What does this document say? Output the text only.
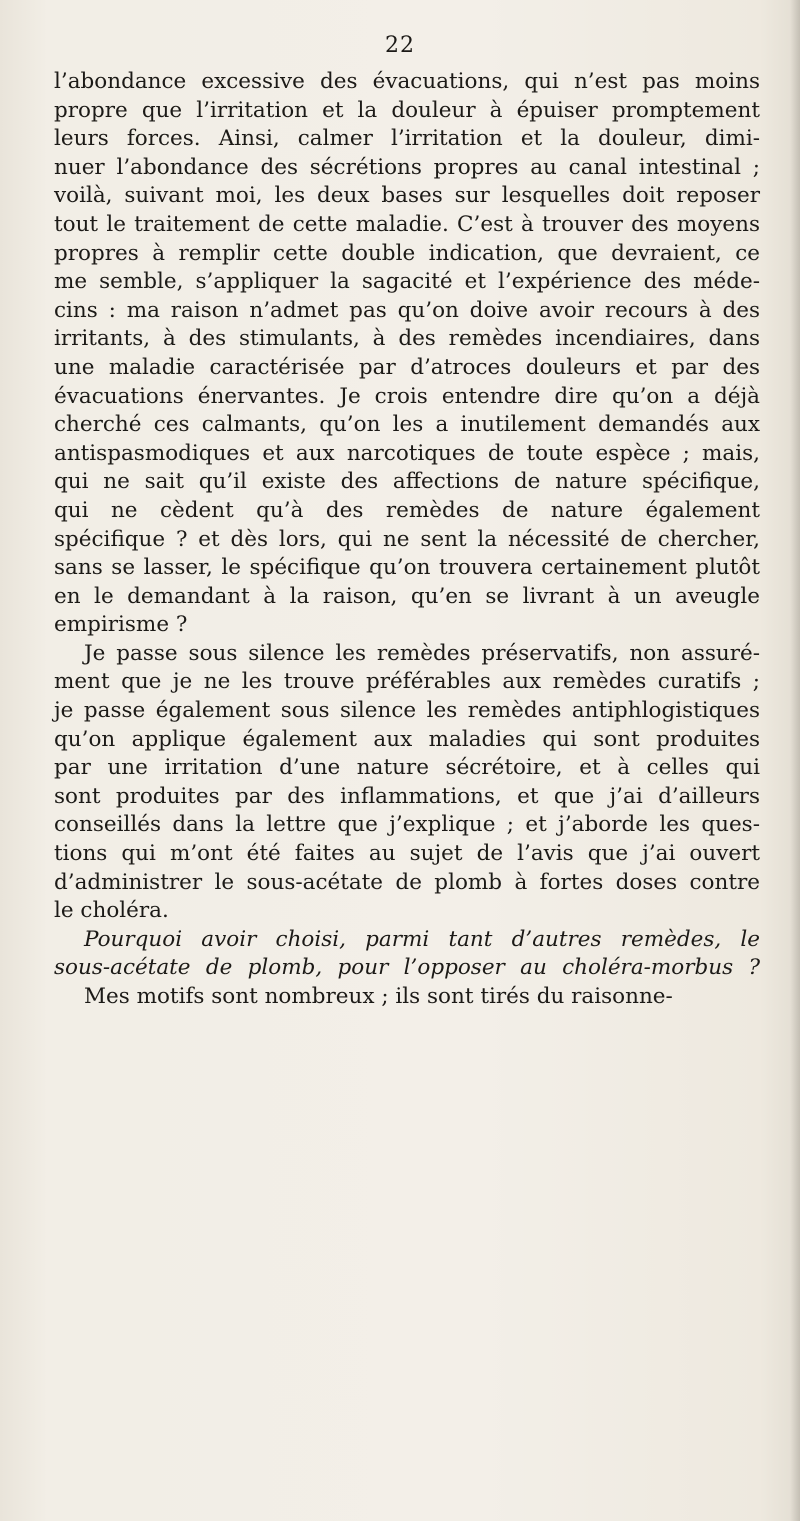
22
l’abondance excessive des évacuations, qui n’est pas moins
propre que l’irritation et la douleur à épuiser promptement
leurs forces. Ainsi, calmer l’irritation et la douleur, dimi-
nuer l’abondance des sécrétions propres au canal intestinal ;
voilà, suivant moi, les deux bases sur lesquelles doit reposer
tout le traitement de cette maladie. C’est à trouver des moyens
propres à remplir cette double indication, que devraient, ce
me semble, s’appliquer la sagacité et l’expérience des méde-
cins : ma raison n’admet pas qu’on doive avoir recours à des
irritants, à des stimulants, à des remèdes incendiaires, dans
une maladie caractérisée par d’atroces douleurs et par des
évacuations énervantes. Je crois entendre dire qu’on a déjà
cherché ces calmants, qu’on les a inutilement demandés aux
antispasmodiques et aux narcotiques de toute espèce ; mais,
qui ne sait qu’il existe des affections de nature spécifique,
qui ne cèdent qu’à des remèdes de nature également
spécifique ? et dès lors, qui ne sent la nécessité de chercher,
sans se lasser, le spécifique qu’on trouvera certainement plutôt
en le demandant à la raison, qu’en se livrant à un aveugle
empirisme ?
Je passe sous silence les remèdes préservatifs, non assuré-
ment que je ne les trouve préférables aux remèdes curatifs ;
je passe également sous silence les remèdes antiphlogistiques
qu’on applique également aux maladies qui sont produites
par une irritation d’une nature sécrétoire, et à celles qui
sont produites par des inflammations, et que j’ai d’ailleurs
conseillés dans la lettre que j’explique ; et j’aborde les ques-
tions qui m’ont été faites au sujet de l’avis que j’ai ouvert
d’administrer le sous-acétate de plomb à fortes doses contre
le choléra.
Pourquoi avoir choisi, parmi tant d’autres remèdes, le
sous-acétate de plomb, pour l’opposer au choléra-morbus ?
Mes motifs sont nombreux ; ils sont tirés du raisonne-
